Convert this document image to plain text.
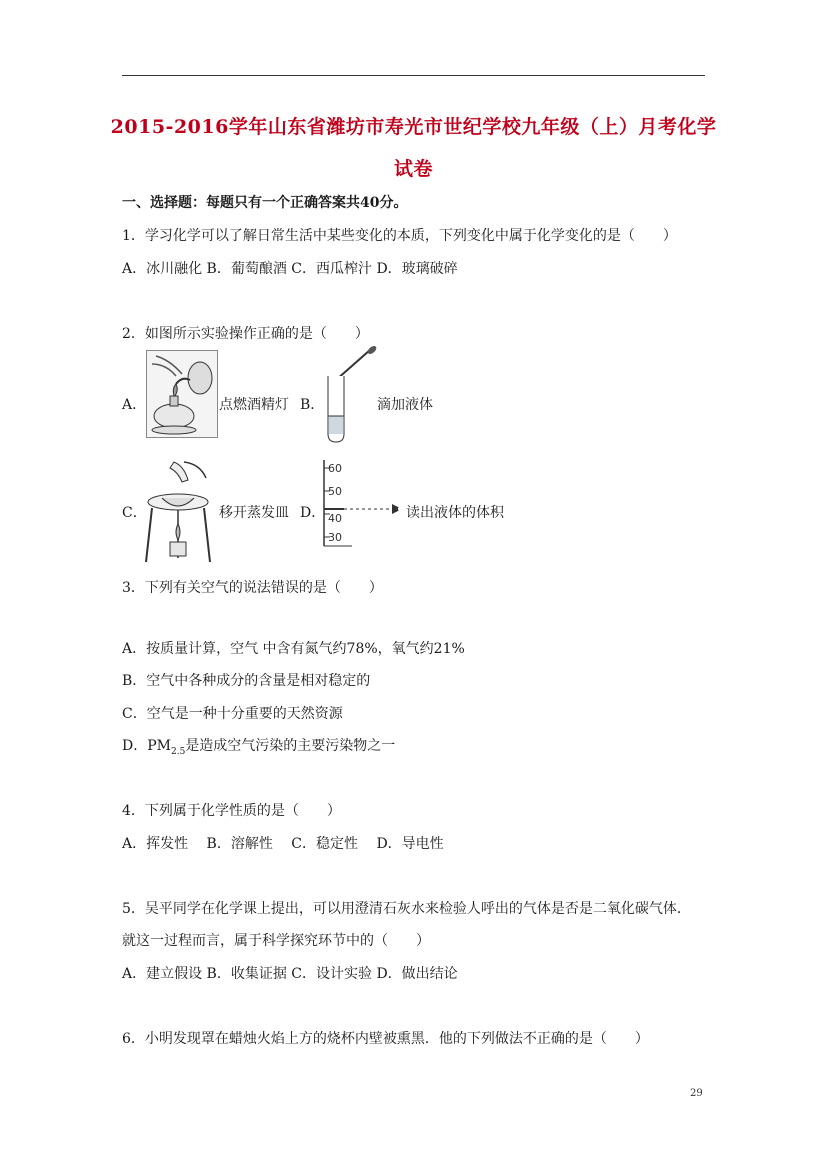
2015-2016学年山东省潍坊市寿光市世纪学校九年级（上）月考化学
试卷
一、选择题：每题只有一个正确答案共40分。
1．学习化学可以了解日常生活中某些变化的本质，下列变化中属于化学变化的是（　　）
A．冰川融化 B．葡萄酿酒 C．西瓜榨汁 D．玻璃破碎
2．如图所示实验操作正确的是（　　）
A．	点燃酒精灯 B．	滴加液体
C．	移开蒸发皿 D．
60
50
40
30
读出液体的体积
3．下列有关空气的说法错误的是（　　）
A．按质量计算，空气 中含有氮气约78%，氧气约21%
B．空气中各种成分的含量是相对稳定的
C．空气是一种十分重要的天然资源
D．$PM_{2.5}$是造成空气污染的主要污染物之一
4．下列属于化学性质的是（　　）
A．挥发性　 B．溶解性　 C．稳定性　 D．导电性
5．吴平同学在化学课上提出，可以用澄清石灰水来检验人呼出的气体是否是二氧化碳气体．
就这一过程而言，属于科学探究环节中的（　　）
A．建立假设 B．收集证据 C．设计实验 D．做出结论
6．小明发现罩在蜡烛火焰上方的烧杯内壁被熏黑．他的下列做法不正确的是（　　）
29
